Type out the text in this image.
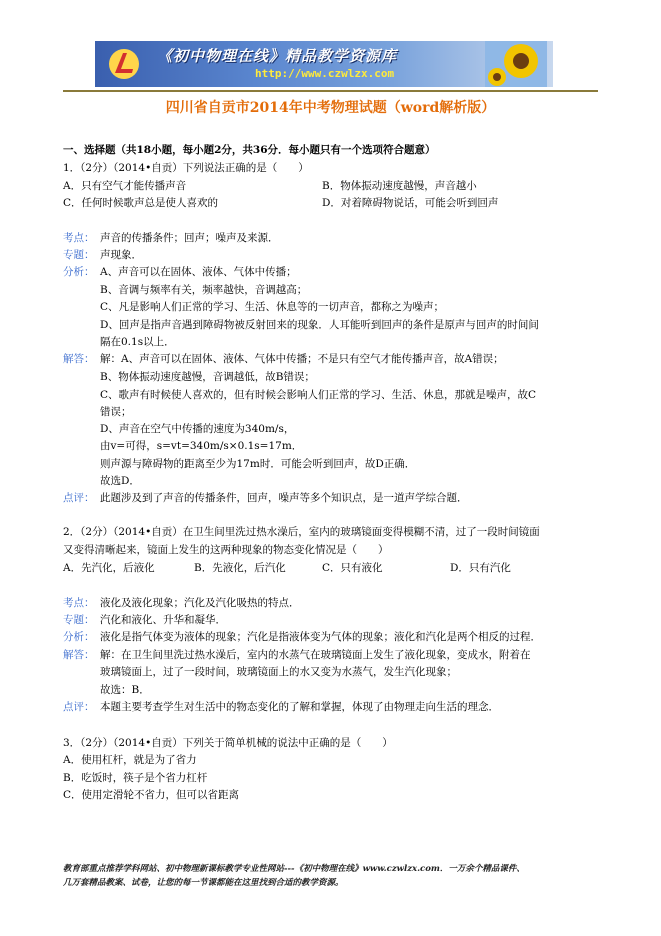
《初中物理在线》精品教学资源库
http://www.czwlzx.com
四川省自贡市2014年中考物理试题（word解析版）
一、选择题（共18小题，每小题2分，共36分．每小题只有一个选项符合题意）
1．（2分）（2014•自贡）下列说法正确的是（　　）
A．只有空气才能传播声音	B．物体振动速度越慢，声音越小
C．任何时候歌声总是使人喜欢的	D．对着障碍物说话，可能会听到回声
考点： 声音的传播条件；回声；噪声及来源．
专题： 声现象．
分析： A、声音可以在固体、液体、气体中传播；
B、音调与频率有关，频率越快，音调越高；
C、凡是影响人们正常的学习、生活、休息等的一切声音，都称之为噪声；
D、回声是指声音遇到障碍物被反射回来的现象．人耳能听到回声的条件是原声与回声的时间间
隔在0.1s以上．
解答： 解：A、声音可以在固体、液体、气体中传播；不是只有空气才能传播声音，故A错误；
B、物体振动速度越慢，音调越低，故B错误；
C、歌声有时候使人喜欢的，但有时候会影响人们正常的学习、生活、休息，那就是噪声，故C
错误；
D、声音在空气中传播的速度为340m/s，
由v=可得，s=vt=340m/s×0.1s=17m．
则声源与障碍物的距离至少为17m时．可能会听到回声，故D正确．
故选D．
点评： 此题涉及到了声音的传播条件，回声，噪声等多个知识点，是一道声学综合题．
2．（2分）（2014•自贡）在卫生间里洗过热水澡后，室内的玻璃镜面变得模糊不清，过了一段时间镜面
又变得清晰起来，镜面上发生的这两种现象的物态变化情况是（　　）
A．先汽化，后液化	B．先液化，后汽化	C．只有液化	D．只有汽化
考点： 液化及液化现象；汽化及汽化吸热的特点．
专题： 汽化和液化、升华和凝华．
分析： 液化是指气体变为液体的现象；汽化是指液体变为气体的现象；液化和汽化是两个相反的过程．
解答： 解：在卫生间里洗过热水澡后，室内的水蒸气在玻璃镜面上发生了液化现象，变成水，附着在
玻璃镜面上，过了一段时间，玻璃镜面上的水又变为水蒸气，发生汽化现象；
故选：B．
点评： 本题主要考查学生对生活中的物态变化的了解和掌握，体现了由物理走向生活的理念．
3．（2分）（2014•自贡）下列关于简单机械的说法中正确的是（　　）
A．使用杠杆，就是为了省力
B．吃饭时，筷子是个省力杠杆
C．使用定滑轮不省力，但可以省距离
教育部重点推荐学科网站、初中物理新课标教学专业性网站---《初中物理在线》www.czwlzx.com．一万余个精品课件、
几万套精品教案、试卷，让您的每一节课都能在这里找到合适的教学资源。
